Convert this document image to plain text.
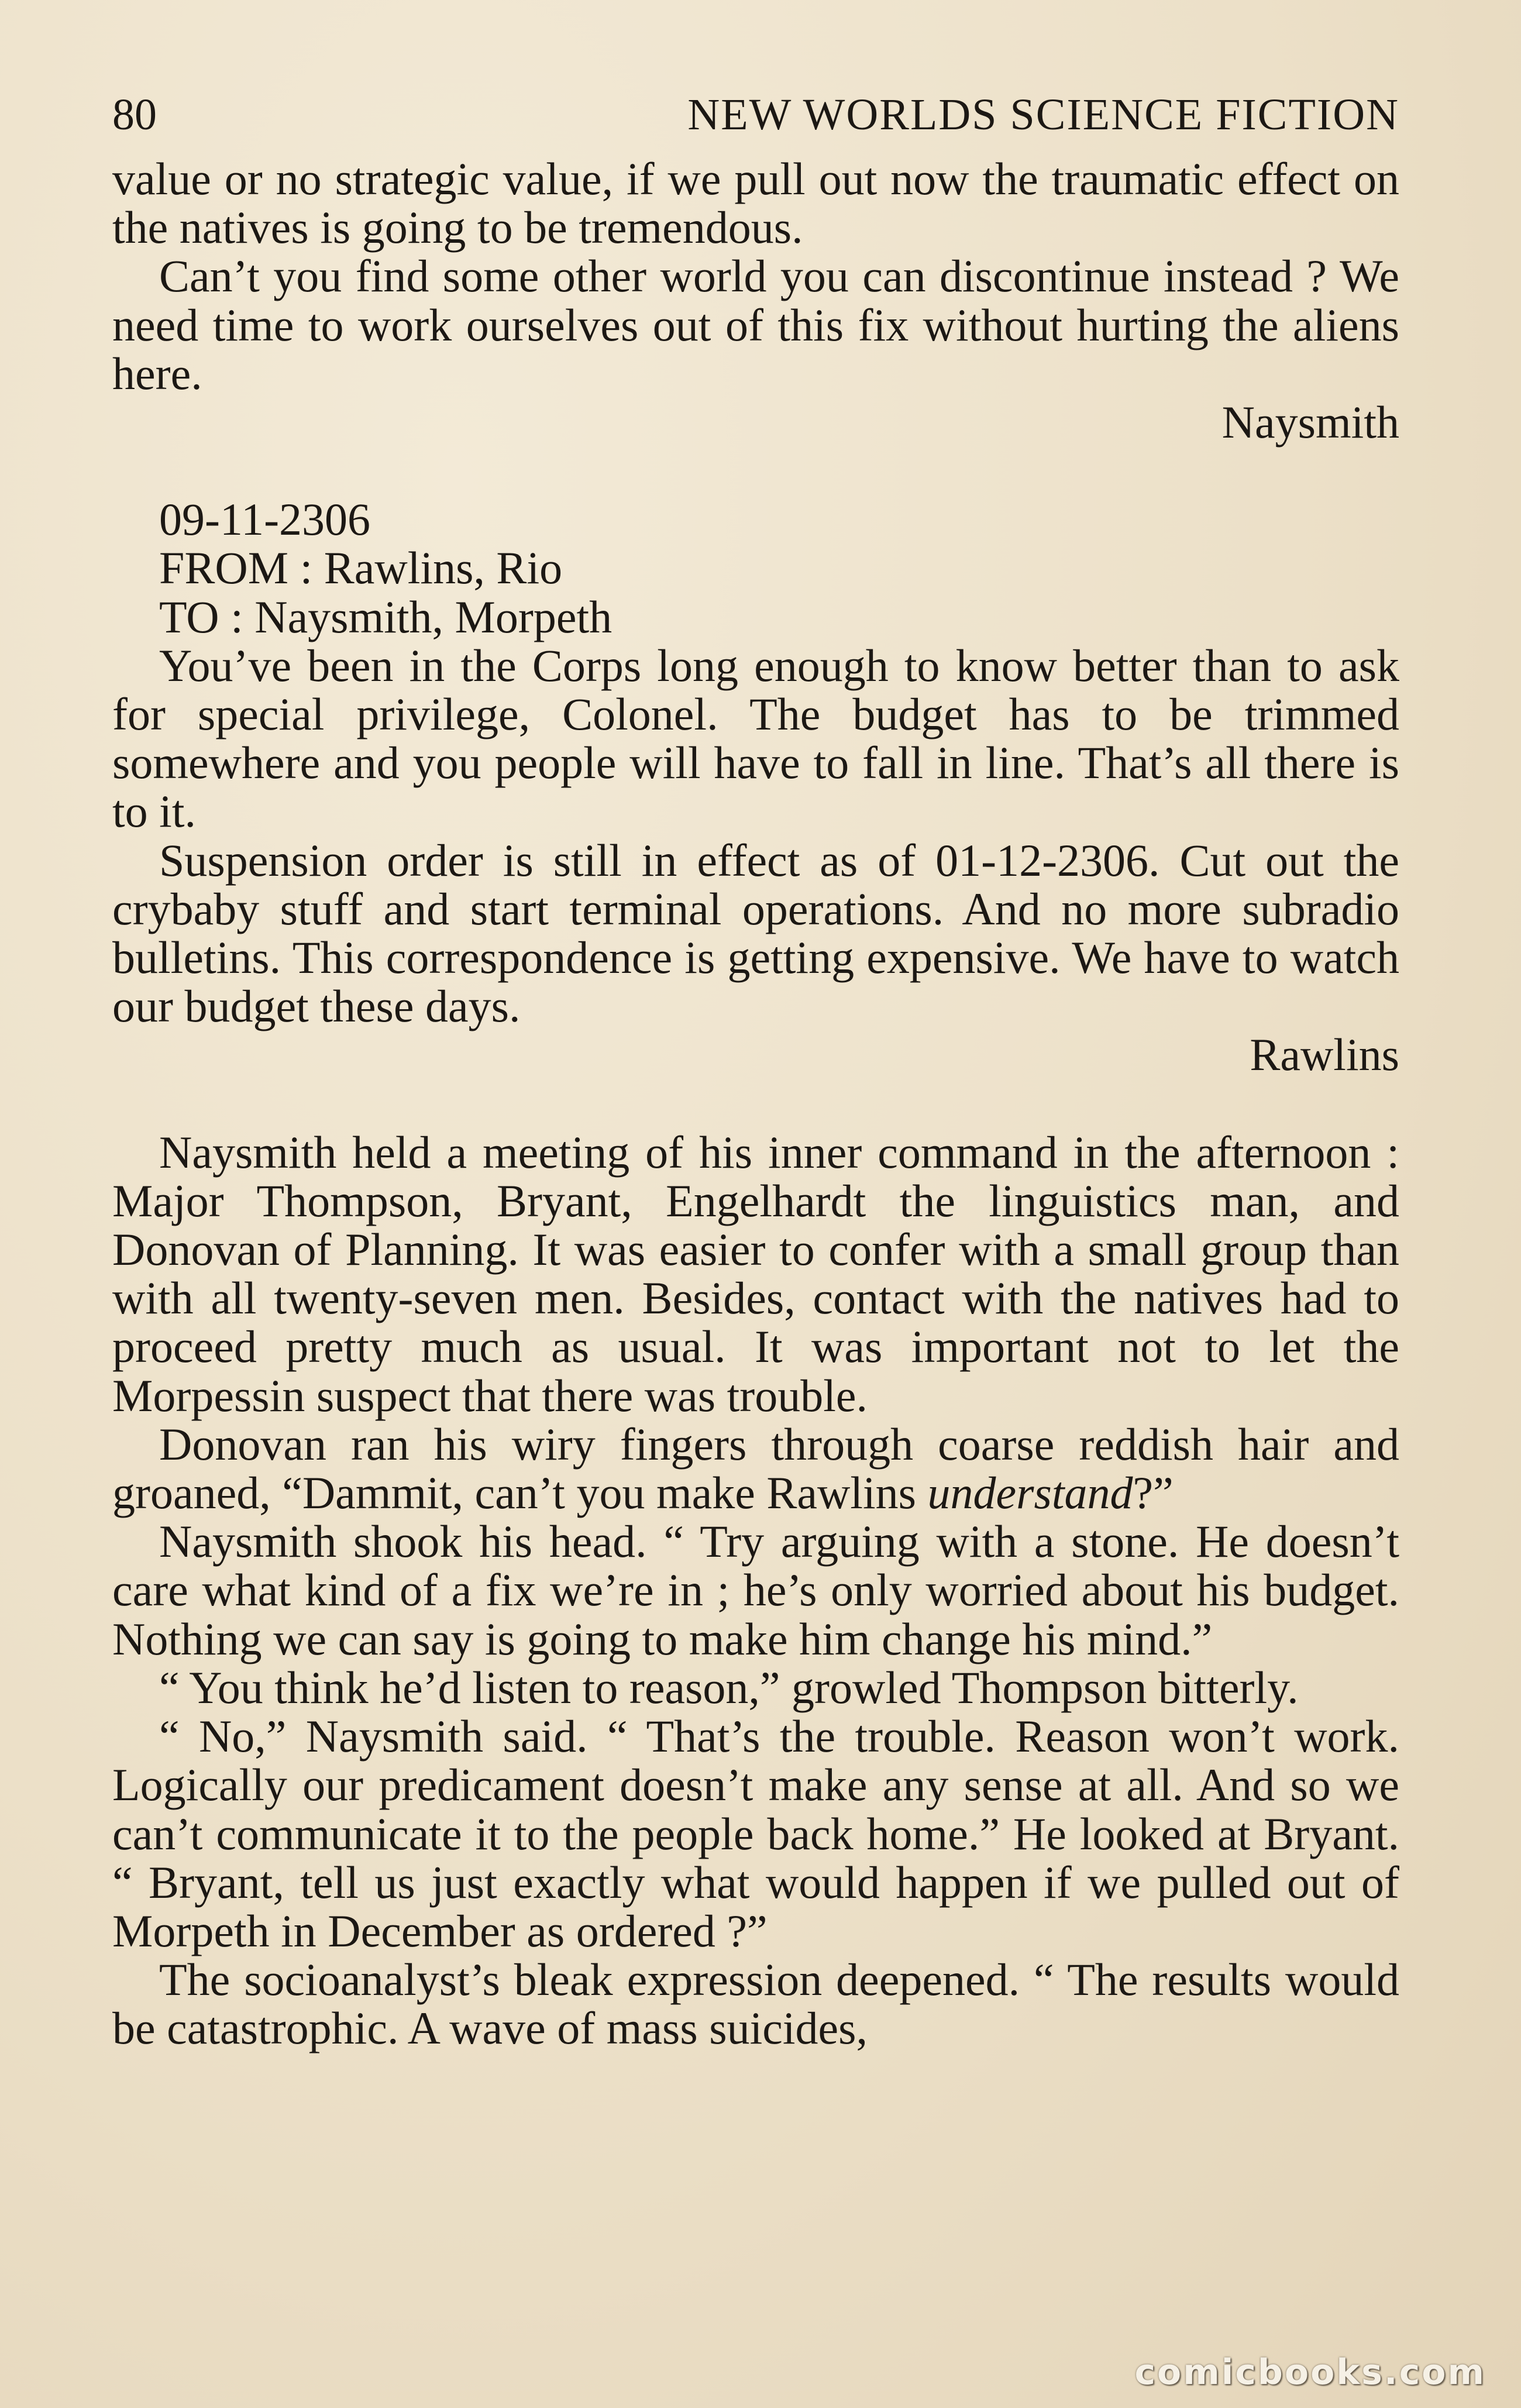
80	NEW WORLDS SCIENCE FICTION

value or no strategic value, if we pull out now the traumatic effect on the natives is going to be tremendous.

Can’t you find some other world you can discontinue instead ? We need time to work ourselves out of this fix without hurting the aliens here.

Naysmith

09-11-2306

FROM : Rawlins, Rio

TO : Naysmith, Morpeth

You’ve been in the Corps long enough to know better than to ask for special privilege, Colonel. The budget has to be trimmed somewhere and you people will have to fall in line. That’s all there is to it.

Suspension order is still in effect as of 01-12-2306. Cut out the crybaby stuff and start terminal operations. And no more subradio bulletins. This correspondence is getting expensive. We have to watch our budget these days.

Rawlins

Naysmith held a meeting of his inner command in the afternoon : Major Thompson, Bryant, Engelhardt the linguistics man, and Donovan of Planning. It was easier to confer with a small group than with all twenty-seven men. Besides, contact with the natives had to proceed pretty much as usual. It was important not to let the Morpessin suspect that there was trouble.

Donovan ran his wiry fingers through coarse reddish hair and groaned, “Dammit, can’t you make Rawlins understand?”

Naysmith shook his head. “ Try arguing with a stone. He doesn’t care what kind of a fix we’re in ; he’s only worried about his budget. Nothing we can say is going to make him change his mind.”

“ You think he’d listen to reason,” growled Thompson bitterly.

“ No,” Naysmith said. “ That’s the trouble. Reason won’t work. Logically our predicament doesn’t make any sense at all. And so we can’t communicate it to the people back home.” He looked at Bryant. “ Bryant, tell us just exactly what would happen if we pulled out of Morpeth in December as ordered ?”

The socioanalyst’s bleak expression deepened. “ The results would be catastrophic. A wave of mass suicides,

comicbooks.com
